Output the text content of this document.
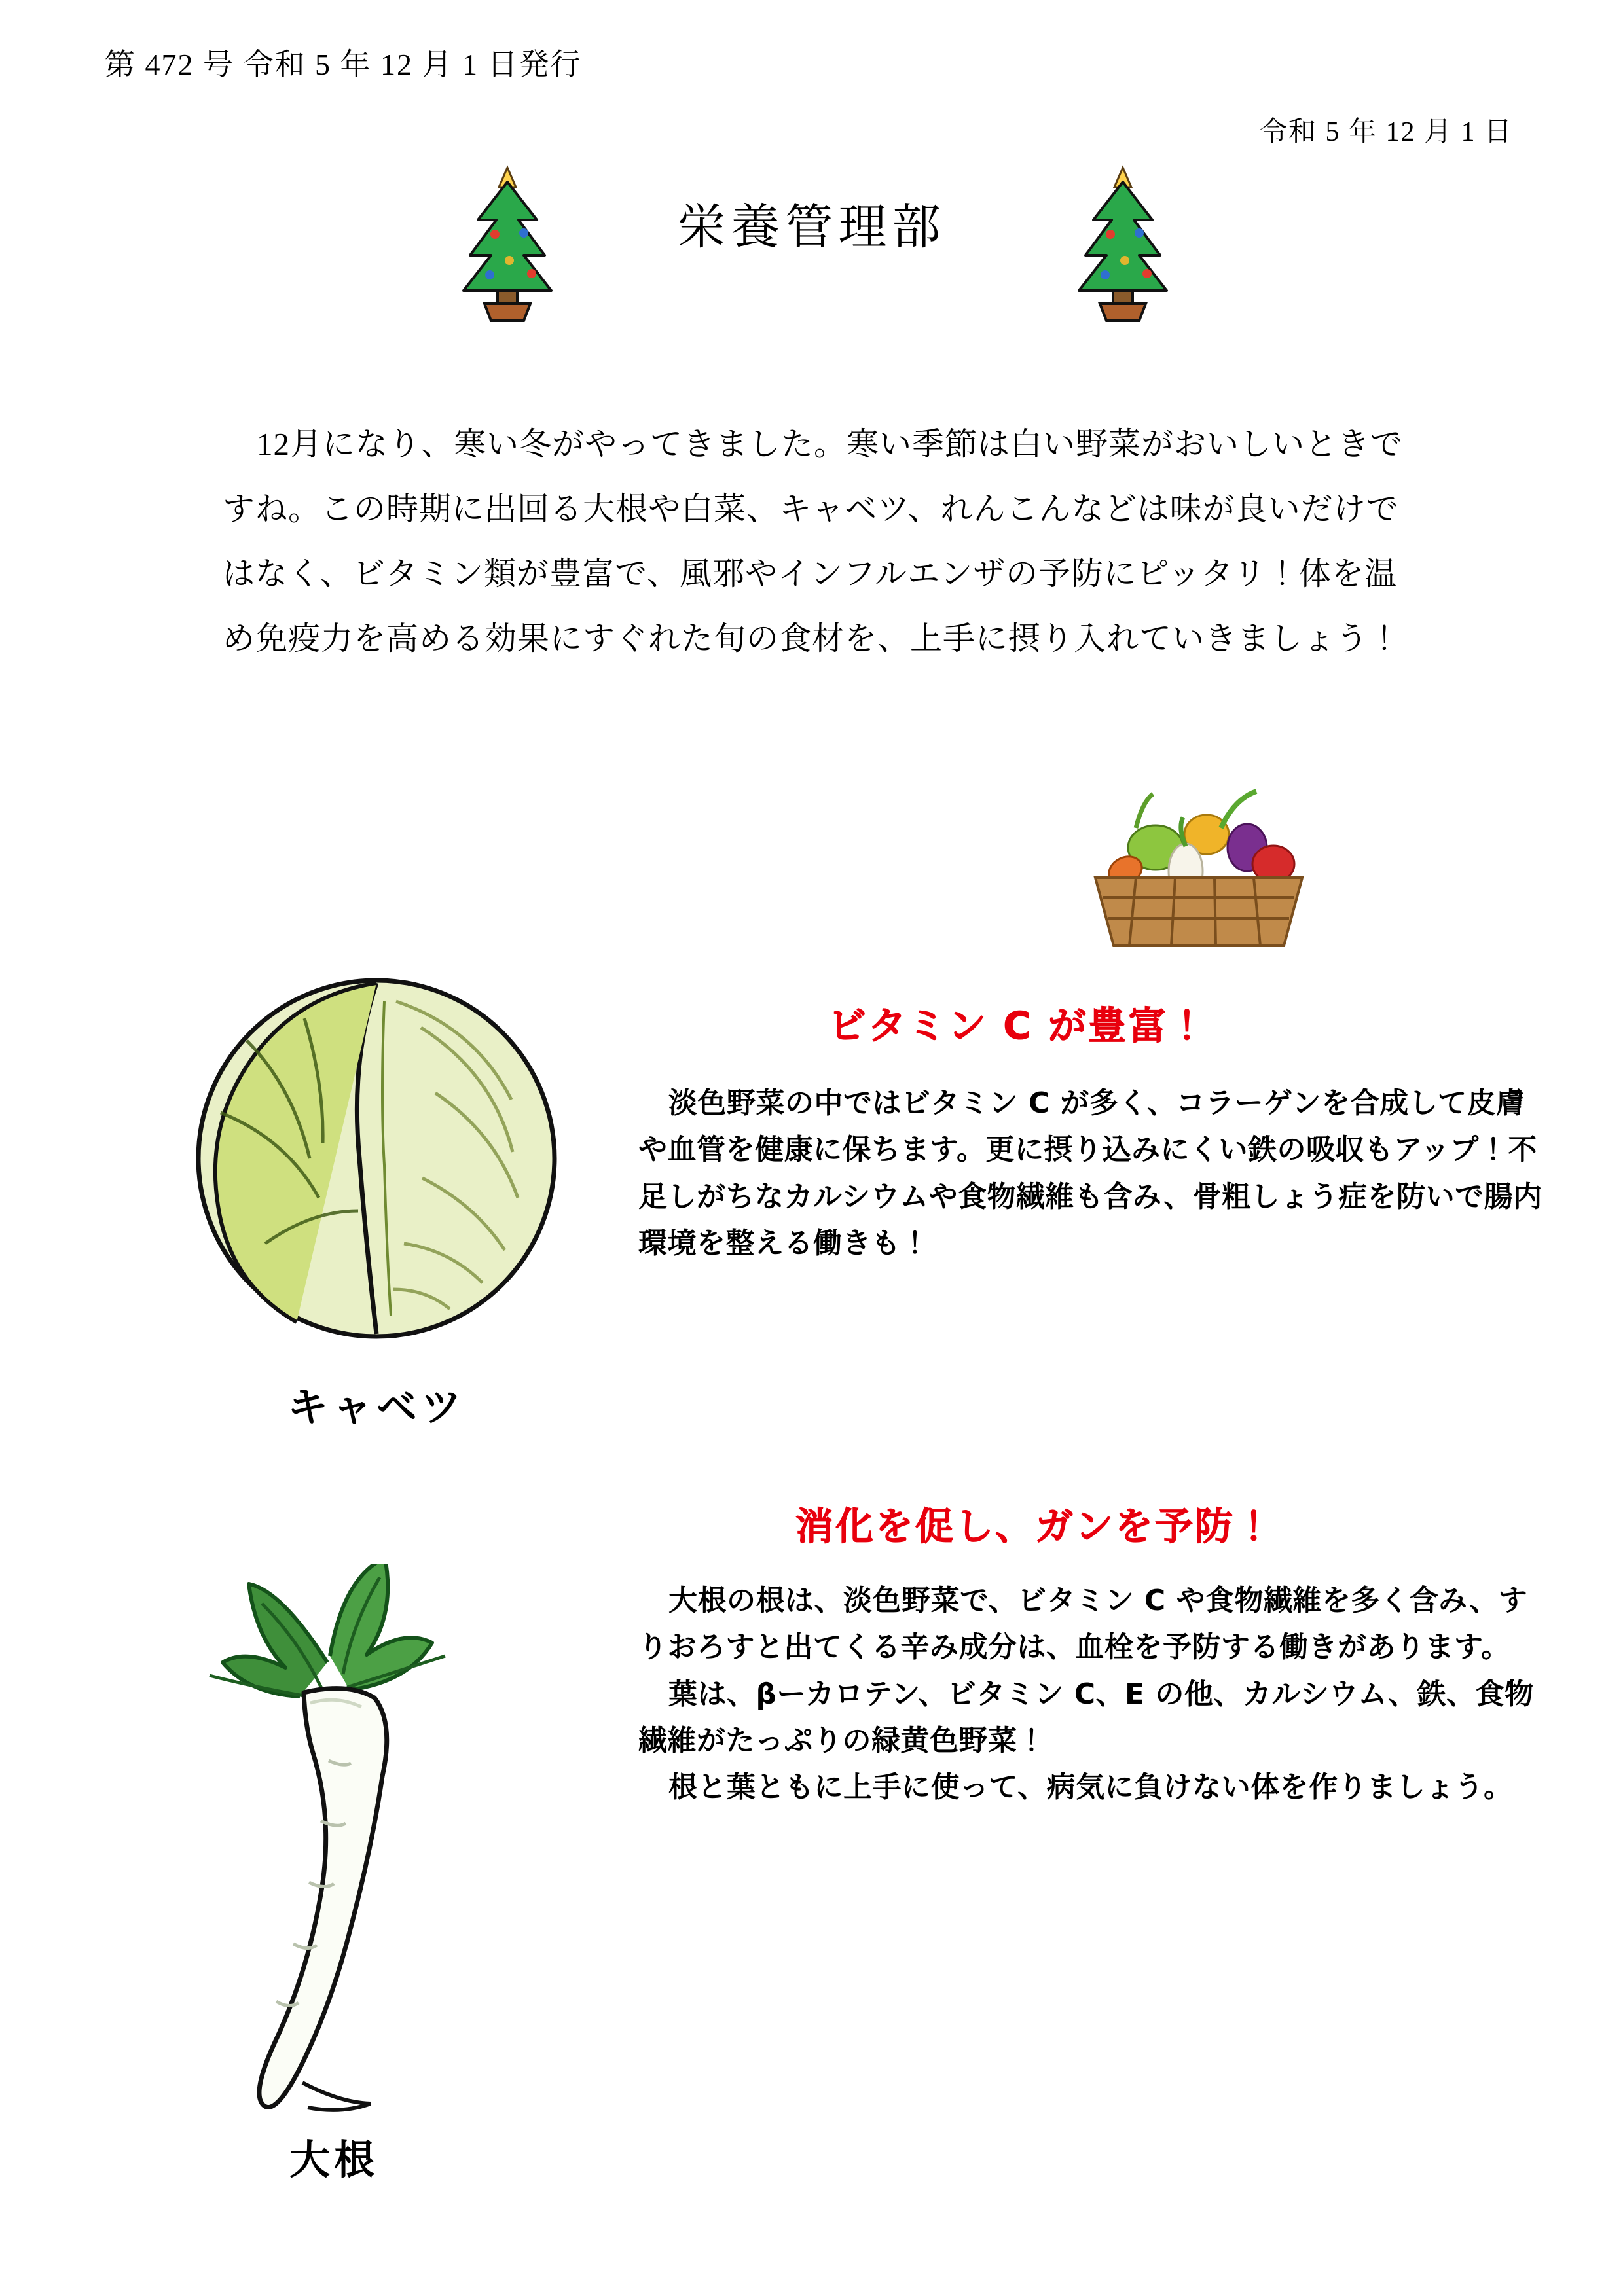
第 472 号 令和 5 年 12 月 1 日発行
令和 5 年 12 月 1 日
栄養管理部

12月になり、寒い冬がやってきました。寒い季節は白い野菜がおいしいときですね。この時期に出回る大根や白菜、キャベツ、れんこんなどは味が良いだけではなく、ビタミン類が豊富で、風邪やインフルエンザの予防にピッタリ！体を温め免疫力を高める効果にすぐれた旬の食材を、上手に摂り入れていきましょう！

キャベツ
ビタミン C が豊富！

淡色野菜の中ではビタミン C が多く、コラーゲンを合成して皮膚や血管を健康に保ちます。更に摂り込みにくい鉄の吸収もアップ！不足しがちなカルシウムや食物繊維も含み、骨粗しょう症を防いで腸内環境を整える働きも！

大根
消化を促し、ガンを予防！

大根の根は、淡色野菜で、ビタミン C や食物繊維を多く含み、すりおろすと出てくる辛み成分は、血栓を予防する働きがあります。

葉は、βーカロテン、ビタミン C、E の他、カルシウム、鉄、食物繊維がたっぷりの緑黄色野菜！

根と葉ともに上手に使って、病気に負けない体を作りましょう。
